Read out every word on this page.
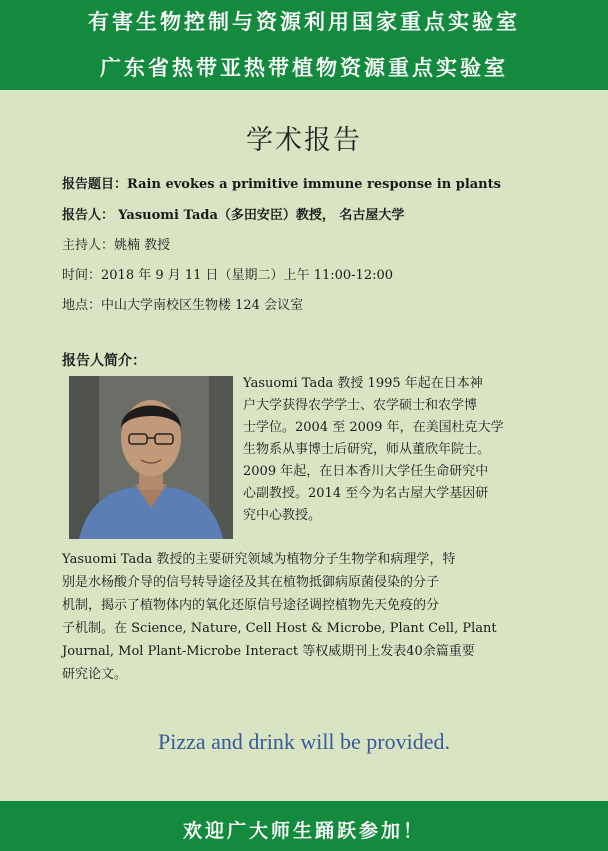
有害生物控制与资源利用国家重点实验室
广东省热带亚热带植物资源重点实验室
学术报告
报告题目：Rain evokes a primitive immune response in plants
报告人： Yasuomi Tada（多田安臣）教授， 名古屋大学
主持人：姚楠 教授
时间：2018 年 9 月 11 日（星期二）上午 11:00-12:00
地点：中山大学南校区生物楼 124 会议室
报告人简介：
Yasuomi Tada 教授 1995 年起在日本神
户大学获得农学学士、农学硕士和农学博
士学位。2004 至 2009 年，在美国杜克大学
生物系从事博士后研究，师从董欣年院士。
2009 年起，在日本香川大学任生命研究中
心副教授。2014 至今为名古屋大学基因研
究中心教授。
Yasuomi Tada 教授的主要研究领域为植物分子生物学和病理学，特
别是水杨酸介导的信号转导途径及其在植物抵御病原菌侵染的分子
机制，揭示了植物体内的氧化还原信号途径调控植物先天免疫的分
子机制。在 Science, Nature, Cell Host & Microbe, Plant Cell, Plant
Journal, Mol Plant-Microbe Interact 等权威期刊上发表40余篇重要
研究论文。
Pizza and drink will be provided.
欢迎广大师生踊跃参加！
